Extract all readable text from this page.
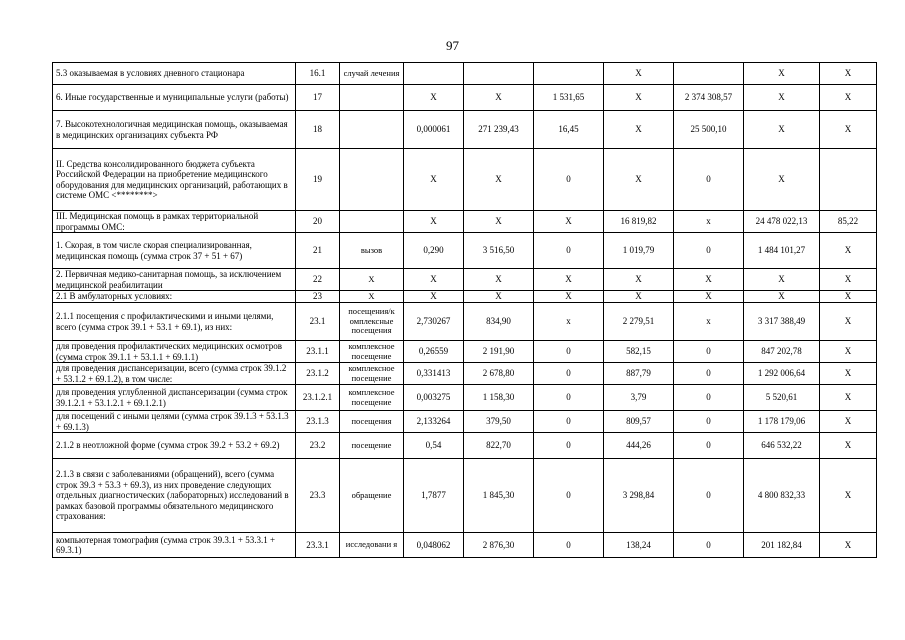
97
5.3 оказываемая в условиях дневного стационара	16.1	случай лечения				X		X	X
6. Иные государственные и муниципальные услуги (работы)	17		X	X	1 531,65	X	2 374 308,57	X	X
7. Высокотехнологичная медицинская помощь, оказываемая в медицинских организациях субъекта РФ	18		0,000061	271 239,43	16,45	X	25 500,10	X	X
II. Средства консолидированного бюджета субъекта Российской Федерации на приобретение медицинского оборудования для медицинских организаций, работающих в системе ОМС <********>	19		X	X	0	X	0	X	
III. Медицинская помощь в рамках территориальной программы ОМС:	20		X	X	X	16 819,82	x	24 478 022,13	85,22
1. Скорая, в том числе скорая специализированная, медицинская помощь (сумма строк 37 + 51 + 67)	21	вызов	0,290	3 516,50	0	1 019,79	0	1 484 101,27	X
2. Первичная медико-санитарная помощь, за исключением медицинской реабилитации	22	X	X	X	X	X	X	X	X
2.1 В амбулаторных условиях:	23	X	X	X	X	X	X	X	X
2.1.1 посещения с профилактическими и иными целями, всего (сумма строк 39.1 + 53.1 + 69.1), из них:	23.1	посещения/к омплексные посещения	2,730267	834,90	x	2 279,51	x	3 317 388,49	X
для проведения профилактических медицинских осмотров (сумма строк 39.1.1 + 53.1.1 + 69.1.1)	23.1.1	комплексное посещение	0,26559	2 191,90	0	582,15	0	847 202,78	X
для проведения диспансеризации, всего (сумма строк 39.1.2 + 53.1.2 + 69.1.2), в том числе:	23.1.2	комплексное посещение	0,331413	2 678,80	0	887,79	0	1 292 006,64	X
для проведения углубленной диспансеризации (сумма строк 39.1.2.1 + 53.1.2.1 + 69.1.2.1)	23.1.2.1	комплексное посещение	0,003275	1 158,30	0	3,79	0	5 520,61	X
для посещений с иными целями (сумма строк 39.1.3 + 53.1.3 + 69.1.3)	23.1.3	посещения	2,133264	379,50	0	809,57	0	1 178 179,06	X
2.1.2 в неотложной форме (сумма строк 39.2 + 53.2 + 69.2)	23.2	посещение	0,54	822,70	0	444,26	0	646 532,22	X
2.1.3 в связи с заболеваниями (обращений), всего (сумма строк 39.3 + 53.3 + 69.3), из них проведение следующих отдельных диагностических (лабораторных) исследований в рамках базовой программы обязательного медицинского страхования:	23.3	обращение	1,7877	1 845,30	0	3 298,84	0	4 800 832,33	X
компьютерная томография (сумма строк 39.3.1 + 53.3.1 + 69.3.1)	23.3.1	исследовани я	0,048062	2 876,30	0	138,24	0	201 182,84	X
